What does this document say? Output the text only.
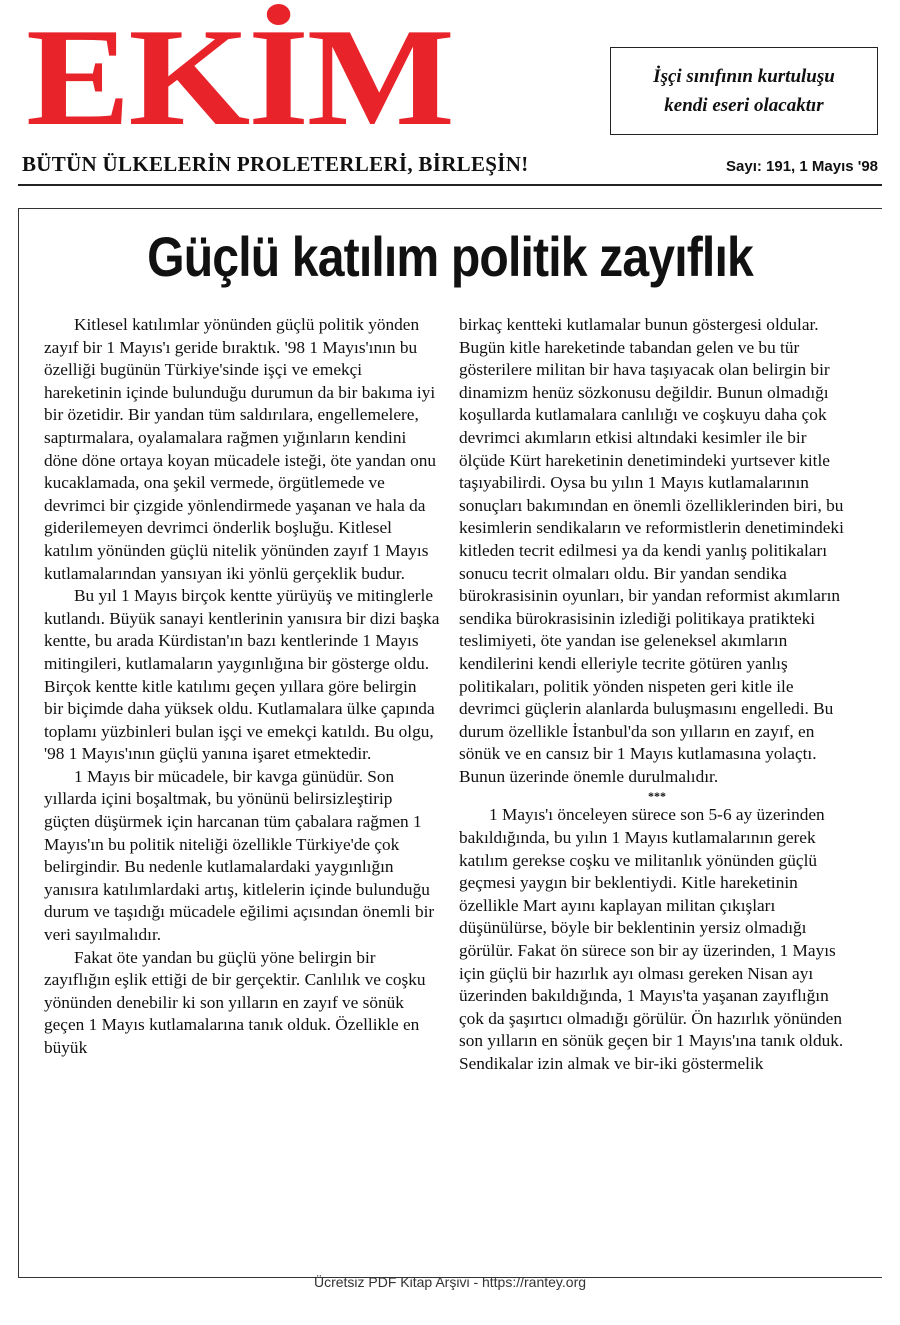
EKİM	İşçi sınıfının kurtuluşu
kendi eseri olacaktır
BÜTÜN ÜLKELERİN PROLETERLERİ, BİRLEŞİN!	Sayı: 191, 1 Mayıs '98
Güçlü katılım politik zayıflık

Kitlesel katılımlar yönünden güçlü politik yönden zayıf bir 1 Mayıs'ı geride bıraktık. '98 1 Mayıs'ının bu özelliği bugünün Türkiye'sinde işçi ve emekçi hareketinin içinde bulunduğu durumun da bir bakıma iyi bir özetidir. Bir yandan tüm saldırılara, engellemelere, saptırmalara, oyalamalara rağmen yığınların kendini döne döne ortaya koyan mücadele isteği, öte yandan onu kucaklamada, ona şekil vermede, örgütlemede ve devrimci bir çizgide yönlendirmede yaşanan ve hala da giderilemeyen devrimci önderlik boşluğu. Kitlesel katılım yönünden güçlü nitelik yönünden zayıf 1 Mayıs kutlamalarından yansıyan iki yönlü gerçeklik budur.

Bu yıl 1 Mayıs birçok kentte yürüyüş ve mitinglerle kutlandı. Büyük sanayi kentlerinin yanısıra bir dizi başka kentte, bu arada Kürdistan'ın bazı kentlerinde 1 Mayıs mitingileri, kutlamaların yaygınlığına bir gösterge oldu. Birçok kentte kitle katılımı geçen yıllara göre belirgin bir biçimde daha yüksek oldu. Kutlamalara ülke çapında toplamı yüzbinleri bulan işçi ve emekçi katıldı. Bu olgu, '98 1 Mayıs'ının güçlü yanına işaret etmektedir.

1 Mayıs bir mücadele, bir kavga günüdür. Son yıllarda içini boşaltmak, bu yönünü belirsizleştirip güçten düşürmek için harcanan tüm çabalara rağmen 1 Mayıs'ın bu politik niteliği özellikle Türkiye'de çok belirgindir. Bu nedenle kutlamalardaki yaygınlığın yanısıra katılımlardaki artış, kitlelerin içinde bulunduğu durum ve taşıdığı mücadele eğilimi açısından önemli bir veri sayılmalıdır.

Fakat öte yandan bu güçlü yöne belirgin bir zayıflığın eşlik ettiği de bir gerçektir. Canlılık ve coşku yönünden denebilir ki son yılların en zayıf ve sönük geçen 1 Mayıs kutlamalarına tanık olduk. Özellikle en büyük

birkaç kentteki kutlamalar bunun göstergesi oldular. Bugün kitle hareketinde tabandan gelen ve bu tür gösterilere militan bir hava taşıyacak olan belirgin bir dinamizm henüz sözkonusu değildir. Bunun olmadığı koşullarda kutlamalara canlılığı ve coşkuyu daha çok devrimci akımların etkisi altındaki kesimler ile bir ölçüde Kürt hareketinin denetimindeki yurtsever kitle taşıyabilirdi. Oysa bu yılın 1 Mayıs kutlamalarının sonuçları bakımından en önemli özelliklerinden biri, bu kesimlerin sendikaların ve reformistlerin denetimindeki kitleden tecrit edilmesi ya da kendi yanlış politikaları sonucu tecrit olmaları oldu. Bir yandan sendika bürokrasisinin oyunları, bir yandan reformist akımların sendika bürokrasisinin izlediği politikaya pratikteki teslimiyeti, öte yandan ise geleneksel akımların kendilerini kendi elleriyle tecrite götüren yanlış politikaları, politik yönden nispeten geri kitle ile devrimci güçlerin alanlarda buluşmasını engelledi. Bu durum özellikle İstanbul'da son yılların en zayıf, en sönük ve en cansız bir 1 Mayıs kutlamasına yolaçtı. Bunun üzerinde önemle durulmalıdır.

***

1 Mayıs'ı önceleyen sürece son 5-6 ay üzerinden bakıldığında, bu yılın 1 Mayıs kutlamalarının gerek katılım gerekse coşku ve militanlık yönünden güçlü geçmesi yaygın bir beklentiydi. Kitle hareketinin özellikle Mart ayını kaplayan militan çıkışları düşünülürse, böyle bir beklentinin yersiz olmadığı görülür. Fakat ön sürece son bir ay üzerinden, 1 Mayıs için güçlü bir hazırlık ayı olması gereken Nisan ayı üzerinden bakıldığında, 1 Mayıs'ta yaşanan zayıflığın çok da şaşırtıcı olmadığı görülür. Ön hazırlık yönünden son yılların en sönük geçen bir 1 Mayıs'ına tanık olduk. Sendikalar izin almak ve bir-iki göstermelik

Ücretsiz PDF Kitap Arşivi - https://rantey.org
